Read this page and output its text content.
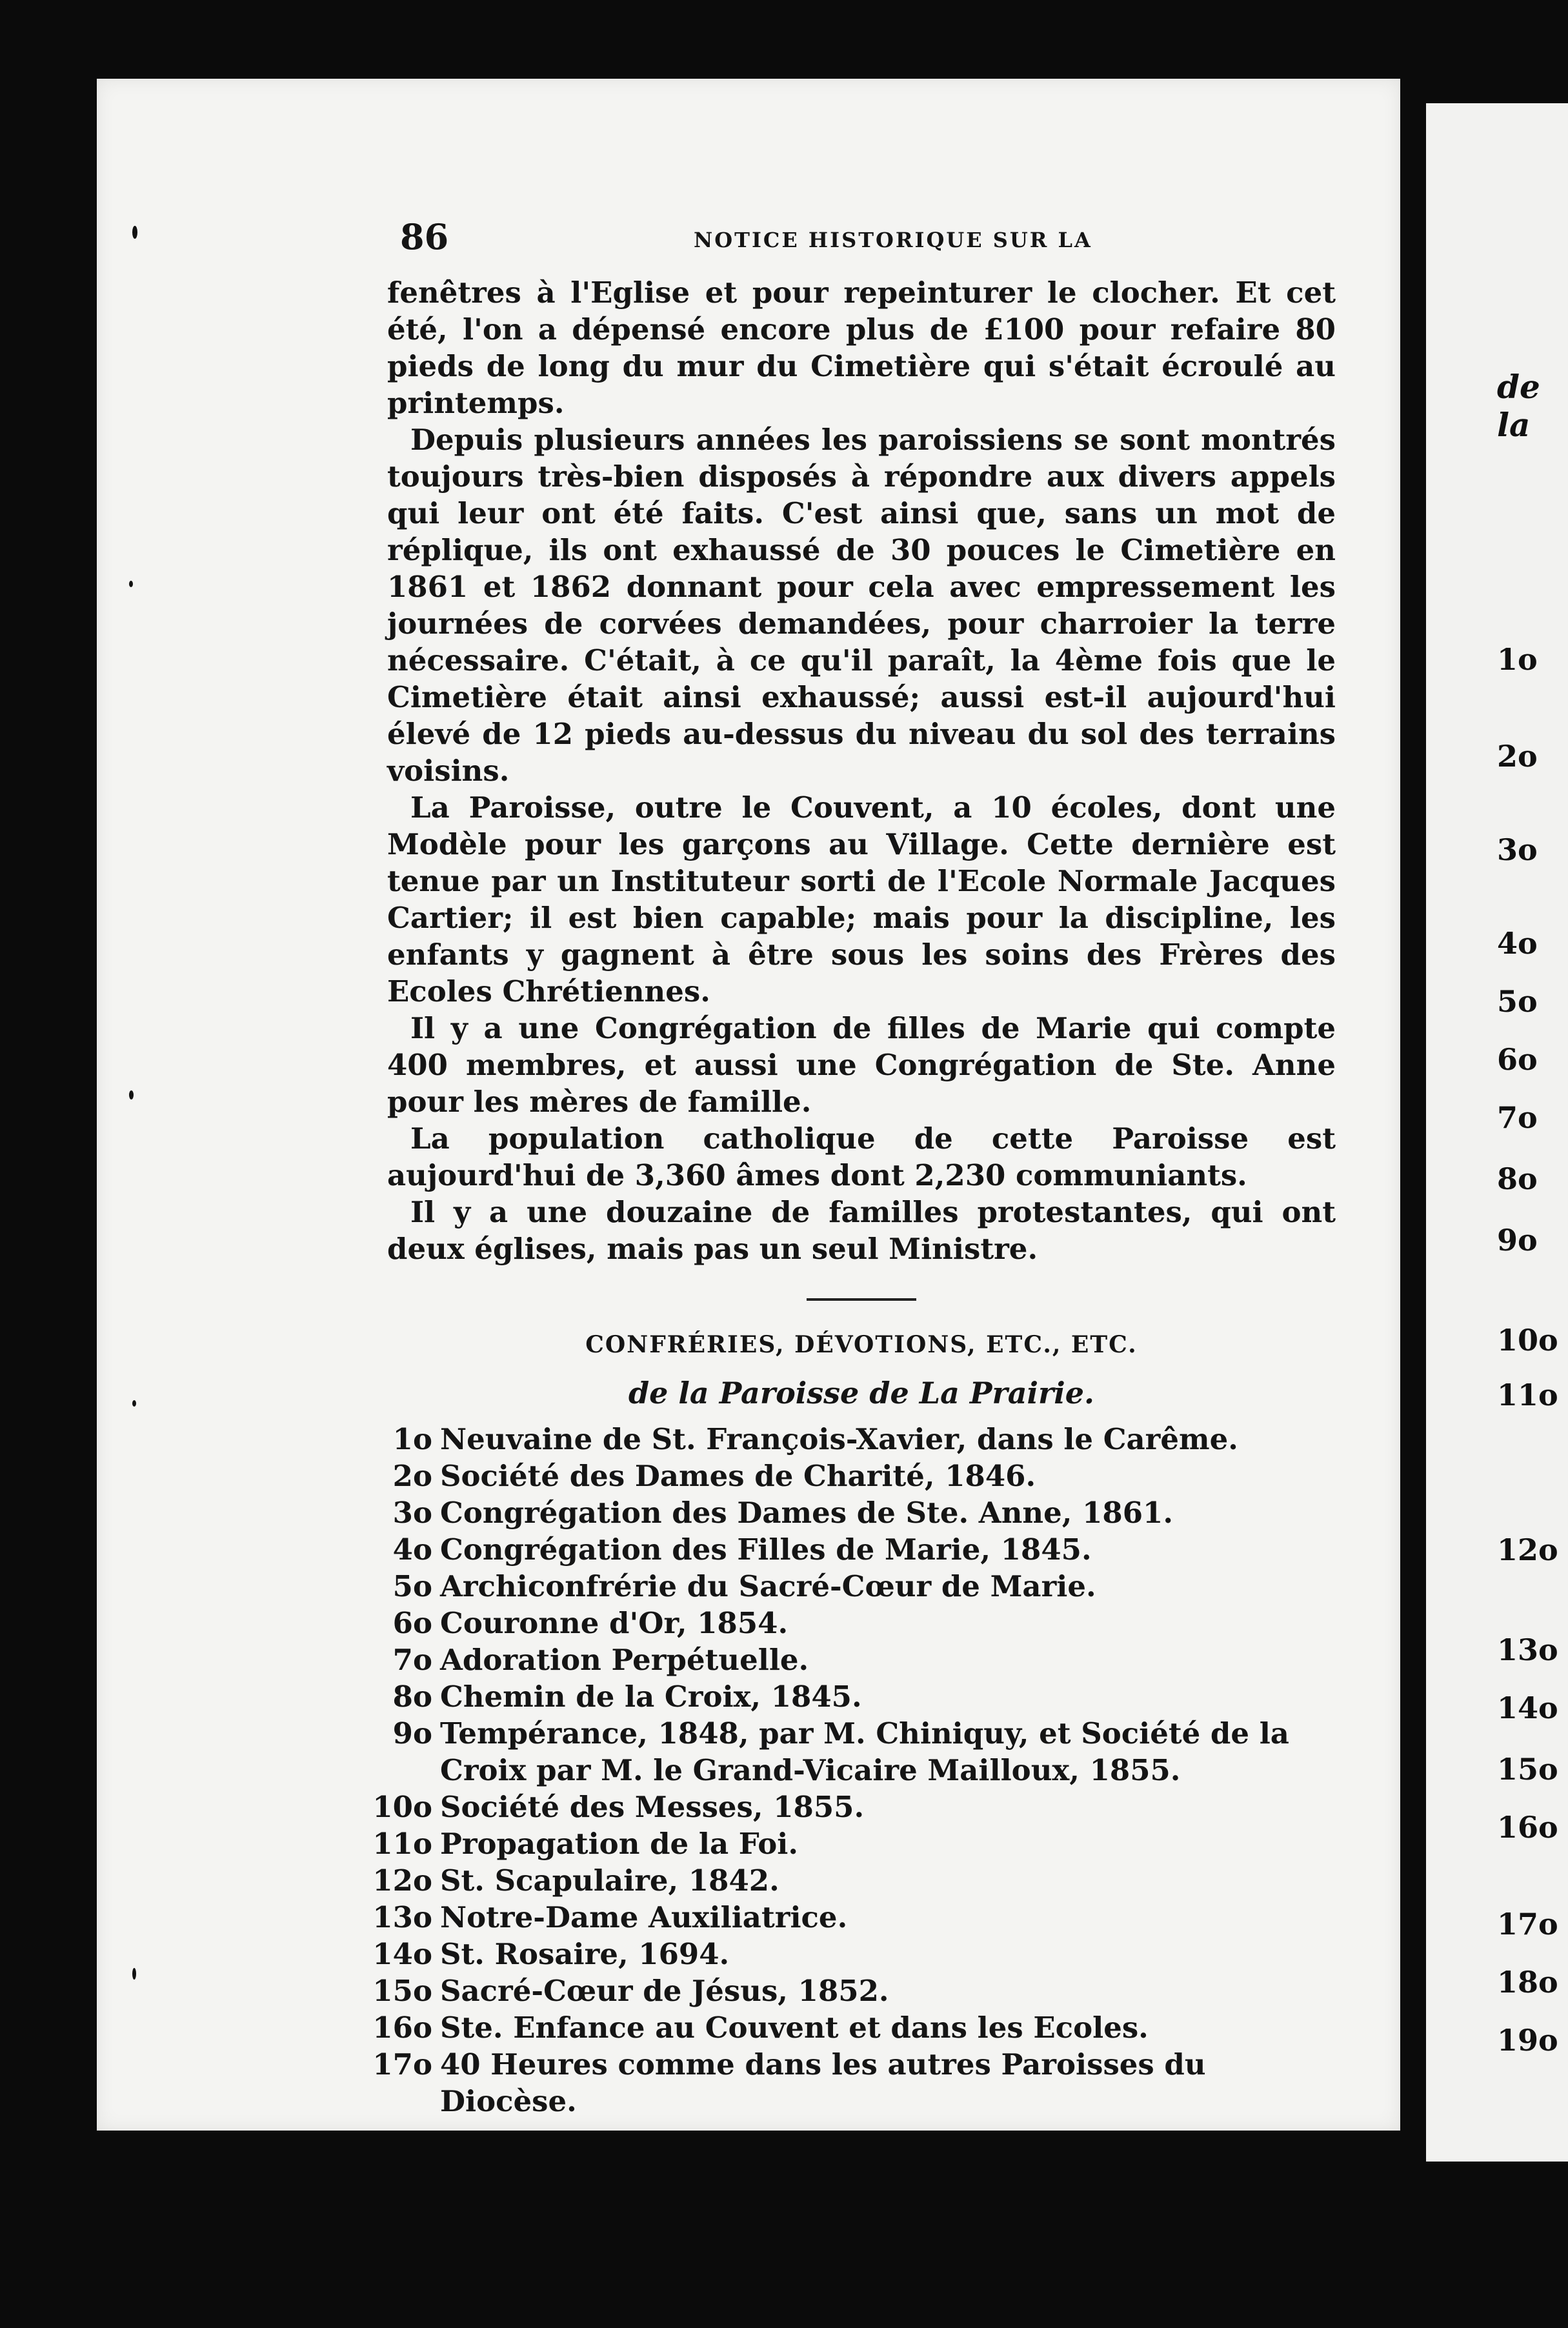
86	NOTICE HISTORIQUE SUR LA

fenêtres à l'Eglise et pour repeinturer le clocher. Et cet été, l'on a dépensé encore plus de £100 pour refaire 80 pieds de long du mur du Cimetière qui s'était écroulé au printemps.

Depuis plusieurs années les paroissiens se sont montrés toujours très-bien disposés à répondre aux divers appels qui leur ont été faits. C'est ainsi que, sans un mot de réplique, ils ont exhaussé de 30 pouces le Cimetière en 1861 et 1862 donnant pour cela avec empressement les journées de corvées demandées, pour charroier la terre nécessaire. C'était, à ce qu'il paraît, la 4ème fois que le Cimetière était ainsi exhaussé; aussi est-il aujourd'hui élevé de 12 pieds au-dessus du niveau du sol des terrains voisins.

La Paroisse, outre le Couvent, a 10 écoles, dont une Modèle pour les garçons au Village. Cette dernière est tenue par un Instituteur sorti de l'Ecole Normale Jacques Cartier; il est bien capable; mais pour la discipline, les enfants y gagnent à être sous les soins des Frères des Ecoles Chrétiennes.

Il y a une Congrégation de filles de Marie qui compte 400 membres, et aussi une Congrégation de Ste. Anne pour les mères de famille.

La population catholique de cette Paroisse est aujourd'hui de 3,360 âmes dont 2,230 communiants.

Il y a une douzaine de familles protestantes, qui ont deux églises, mais pas un seul Ministre.

CONFRÉRIES, DÉVOTIONS, ETC., ETC.
de la Paroisse de La Prairie.
1o Neuvaine de St. François-Xavier, dans le Carême.
2o Société des Dames de Charité, 1846.
3o Congrégation des Dames de Ste. Anne, 1861.
4o Congrégation des Filles de Marie, 1845.
5o Archiconfrérie du Sacré-Cœur de Marie.
6o Couronne d'Or, 1854.
7o Adoration Perpétuelle.
8o Chemin de la Croix, 1845.
9o Tempérance, 1848, par M. Chiniquy, et Société de la Croix par M. le Grand-Vicaire Mailloux, 1855.
10o Société des Messes, 1855.
11o Propagation de la Foi.
12o St. Scapulaire, 1842.
13o Notre-Dame Auxiliatrice.
14o St. Rosaire, 1694.
15o Sacré-Cœur de Jésus, 1852.
16o Ste. Enfance au Couvent et dans les Ecoles.
17o 40 Heures comme dans les autres Paroisses du Diocèse.
de la
1o
2o
3o
4o
5o
6o
7o
8o
9o
10o
11o
12o
13o
14o
15o
16o
17o
18o
19o
